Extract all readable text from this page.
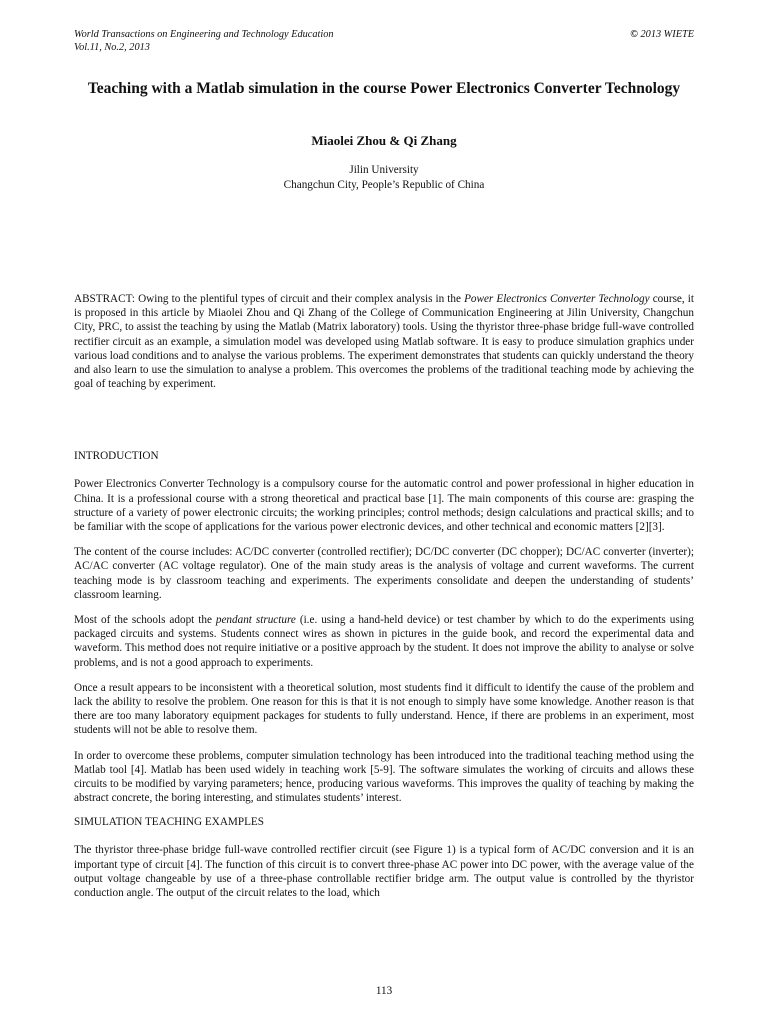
World Transactions on Engineering and Technology Education
Vol.11, No.2, 2013
© 2013 WIETE
Teaching with a Matlab simulation in the course Power Electronics Converter Technology
Miaolei Zhou & Qi Zhang
Jilin University
Changchun City, People’s Republic of China

ABSTRACT: Owing to the plentiful types of circuit and their complex analysis in the Power Electronics Converter Technology course, it is proposed in this article by Miaolei Zhou and Qi Zhang of the College of Communication Engineering at Jilin University, Changchun City, PRC, to assist the teaching by using the Matlab (Matrix laboratory) tools. Using the thyristor three-phase bridge full-wave controlled rectifier circuit as an example, a simulation model was developed using Matlab software. It is easy to produce simulation graphics under various load conditions and to analyse the various problems. The experiment demonstrates that students can quickly understand the theory and also learn to use the simulation to analyse a problem. This overcomes the problems of the traditional teaching mode by achieving the goal of teaching by experiment.

INTRODUCTION

Power Electronics Converter Technology is a compulsory course for the automatic control and power professional in higher education in China. It is a professional course with a strong theoretical and practical base [1]. The main components of this course are: grasping the structure of a variety of power electronic circuits; the working principles; control methods; design calculations and practical skills; and to be familiar with the scope of applications for the various power electronic devices, and other technical and economic matters [2][3].

The content of the course includes: AC/DC converter (controlled rectifier); DC/DC converter (DC chopper); DC/AC converter (inverter); AC/AC converter (AC voltage regulator). One of the main study areas is the analysis of voltage and current waveforms. The current teaching mode is by classroom teaching and experiments. The experiments consolidate and deepen the understanding of students’ classroom learning.

Most of the schools adopt the pendant structure (i.e. using a hand-held device) or test chamber by which to do the experiments using packaged circuits and systems. Students connect wires as shown in pictures in the guide book, and record the experimental data and waveform. This method does not require initiative or a positive approach by the student. It does not improve the ability to analyse or solve problems, and is not a good approach to experiments.

Once a result appears to be inconsistent with a theoretical solution, most students find it difficult to identify the cause of the problem and lack the ability to resolve the problem. One reason for this is that it is not enough to simply have some knowledge. Another reason is that there are too many laboratory equipment packages for students to fully understand. Hence, if there are problems in an experiment, most students will not be able to resolve them.

In order to overcome these problems, computer simulation technology has been introduced into the traditional teaching method using the Matlab tool [4]. Matlab has been used widely in teaching work [5-9]. The software simulates the working of circuits and allows these circuits to be modified by varying parameters; hence, producing various waveforms. This improves the quality of teaching by making the abstract concrete, the boring interesting, and stimulates students’ interest.

SIMULATION TEACHING EXAMPLES

The thyristor three-phase bridge full-wave controlled rectifier circuit (see Figure 1) is a typical form of AC/DC conversion and it is an important type of circuit [4]. The function of this circuit is to convert three-phase AC power into DC power, with the average value of the output voltage changeable by use of a three-phase controllable rectifier bridge arm. The output value is controlled by the thyristor conduction angle. The output of the circuit relates to the load, which

113
